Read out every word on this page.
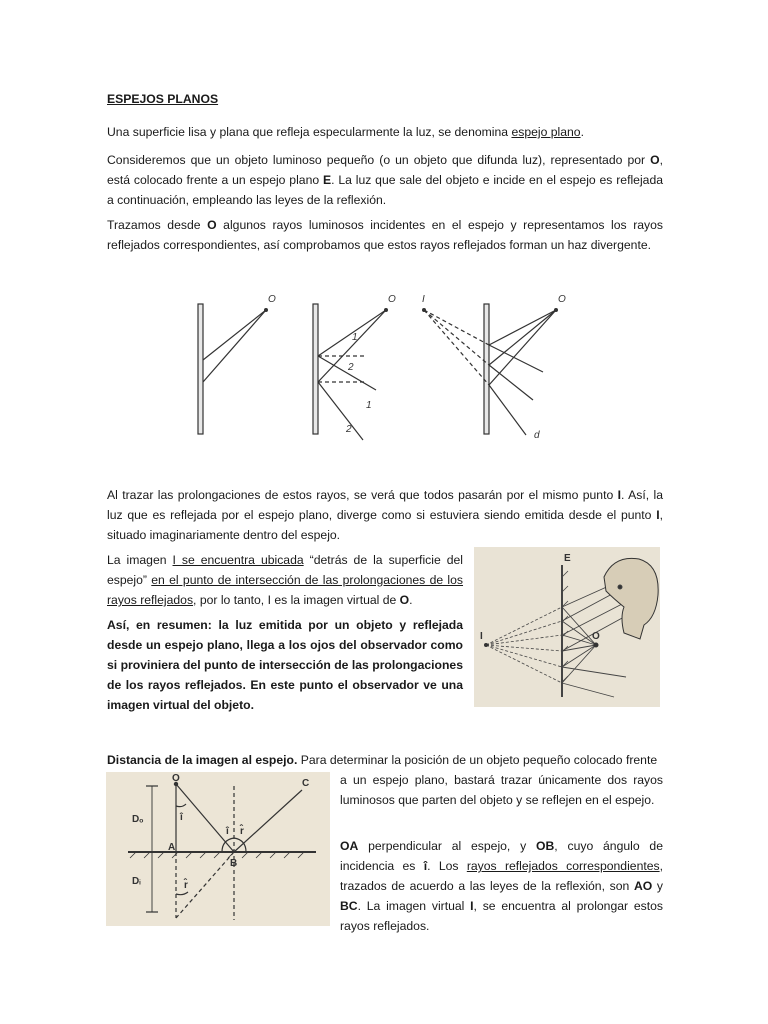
ESPEJOS PLANOS

Una superficie lisa y plana que refleja especularmente la luz, se denomina espejo plano.

Consideremos que un objeto luminoso pequeño (o un objeto que difunda luz), representado por O, está colocado frente a un espejo plano E. La luz que sale del objeto e incide en el espejo es reflejada a continuación, empleando las leyes de la reflexión.

Trazamos desde O algunos rayos luminosos incidentes en el espejo y representamos los rayos reflejados correspondientes, así comprobamos que estos rayos reflejados forman un haz divergente.

O	O
1
2
1
2
I	O
d

Al trazar las prolongaciones de estos rayos, se verá que todos pasarán por el mismo punto I. Así, la luz que es reflejada por el espejo plano, diverge como si estuviera siendo emitida desde el punto I, situado imaginariamente dentro del espejo.

La imagen I se encuentra ubicada “detrás de la superficie del espejo” en el punto de intersección de las prolongaciones de los rayos reflejados, por lo tanto, I es la imagen virtual de O.

Así, en resumen: la luz emitida por un objeto y reflejada desde un espejo plano, llega a los ojos del observador como si proviniera del punto de intersección de las prolongaciones de los rayos reflejados. En este punto el observador ve una imagen virtual del objeto.

E
I	O

Distancia de la imagen al espejo. Para determinar la posición de un objeto pequeño colocado frente

a un espejo plano, bastará trazar únicamente dos rayos luminosos que parten del objeto y se reflejen en el espejo.

OA perpendicular al espejo, y OB, cuyo ángulo de incidencia es î. Los rayos reflejados correspondientes, trazados de acuerdo a las leyes de la reflexión, son AO y BC. La imagen virtual I, se encuentra al prolongar estos rayos reflejados.

O
î
A
B
C
Dₒ
Dᵢ
î r̂
r̂
